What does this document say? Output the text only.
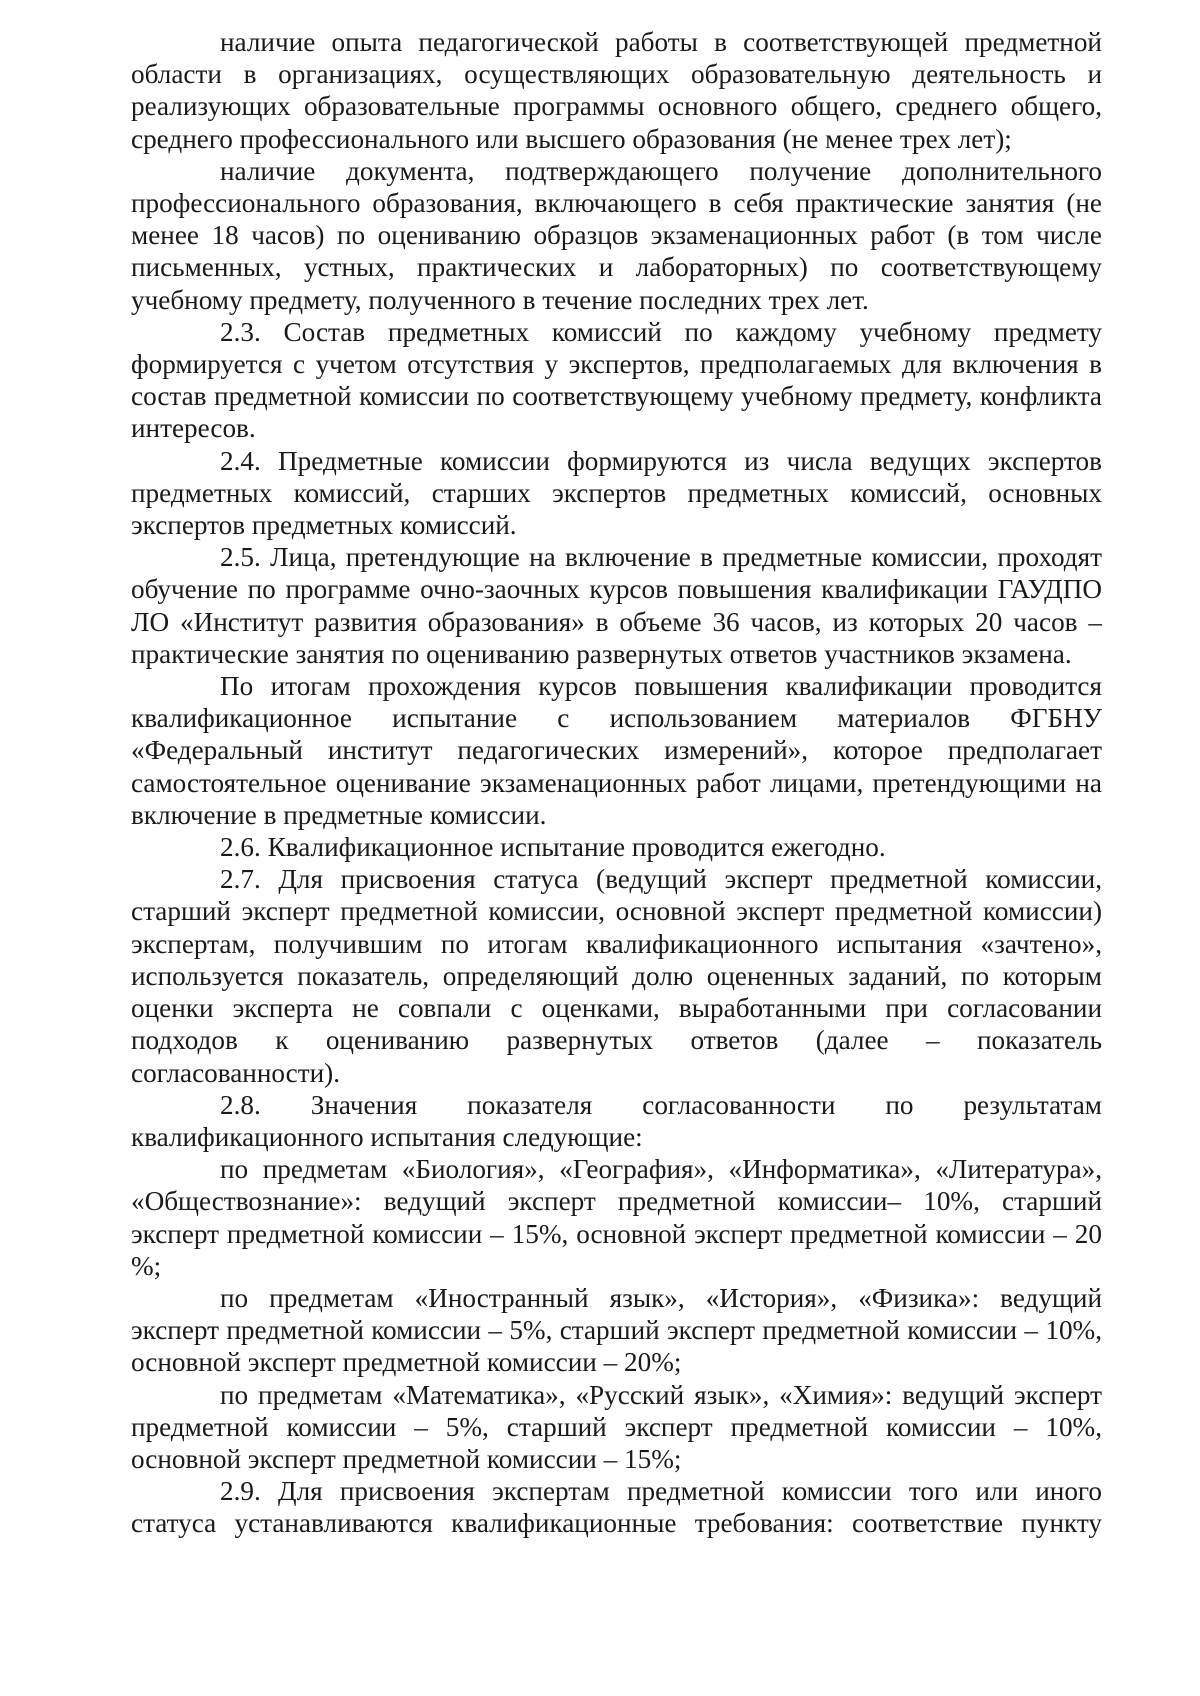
наличие опыта педагогической работы в соответствующей предметной области в организациях, осуществляющих образовательную деятельность и реализующих образовательные программы основного общего, среднего общего, среднего профессионального или высшего образования (не менее трех лет);

наличие документа, подтверждающего получение дополнительного профессионального образования, включающего в себя практические занятия (не менее 18 часов) по оцениванию образцов экзаменационных работ (в том числе письменных, устных, практических и лабораторных) по соответствующему учебному предмету, полученного в течение последних трех лет.

2.3. Состав предметных комиссий по каждому учебному предмету формируется с учетом отсутствия у экспертов, предполагаемых для включения в состав предметной комиссии по соответствующему учебному предмету, конфликта интересов.

2.4. Предметные комиссии формируются из числа ведущих экспертов предметных комиссий, старших экспертов предметных комиссий, основных экспертов предметных комиссий.

2.5. Лица, претендующие на включение в предметные комиссии, проходят обучение по программе очно-заочных курсов повышения квалификации ГАУДПО ЛО «Институт развития образования» в объеме 36 часов, из которых 20 часов – практические занятия по оцениванию развернутых ответов участников экзамена.

По итогам прохождения курсов повышения квалификации проводится квалификационное испытание с использованием материалов ФГБНУ «Федеральный институт педагогических измерений», которое предполагает самостоятельное оценивание экзаменационных работ лицами, претендующими на включение в предметные комиссии.

2.6. Квалификационное испытание проводится ежегодно.

2.7. Для присвоения статуса (ведущий эксперт предметной комиссии, старший эксперт предметной комиссии, основной эксперт предметной комиссии) экспертам, получившим по итогам квалификационного испытания «зачтено», используется показатель, определяющий долю оцененных заданий, по которым оценки эксперта не совпали с оценками, выработанными при согласовании подходов к оцениванию развернутых ответов (далее – показатель согласованности).

2.8. Значения показателя согласованности по результатам квалификационного испытания следующие:

по предметам «Биология», «География», «Информатика», «Литература», «Обществознание»: ведущий эксперт предметной комиссии– 10%, старший эксперт предметной комиссии – 15%, основной эксперт предметной комиссии – 20 %;

по предметам «Иностранный язык», «История», «Физика»: ведущий эксперт предметной комиссии – 5%, старший эксперт предметной комиссии – 10%, основной эксперт предметной комиссии – 20%;

по предметам «Математика», «Русский язык», «Химия»: ведущий эксперт предметной комиссии – 5%, старший эксперт предметной комиссии – 10%, основной эксперт предметной комиссии – 15%;

2.9. Для присвоения экспертам предметной комиссии того или иного статуса устанавливаются квалификационные требования: соответствие пункту
